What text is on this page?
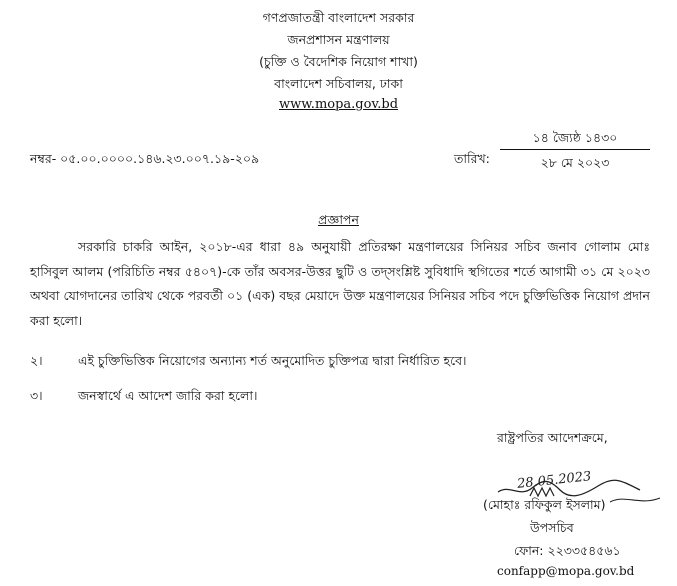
গণপ্রজাতন্ত্রী বাংলাদেশ সরকার
জনপ্রশাসন মন্ত্রণালয়
(চুক্তি ও বৈদেশিক নিয়োগ শাখা)
বাংলাদেশ সচিবালয়, ঢাকা
www.mopa.gov.bd
নম্বর- ০৫.০০.০০০০.১৪৬.২৩.০০৭.১৯-২০৯	তারিখ:
১৪ জ্যৈষ্ঠ ১৪৩০
২৮ মে ২০২৩
প্রজ্ঞাপন
সরকারি চাকরি আইন, ২০১৮-এর ধারা ৪৯ অনুযায়ী প্রতিরক্ষা মন্ত্রণালয়ের সিনিয়র সচিব জনাব গোলাম মোঃ হাসিবুল আলম (পরিচিতি নম্বর ৫৪০৭)-কে তাঁর অবসর-উত্তর ছুটি ও তদ্‌সংশ্লিষ্ট সুবিধাদি স্থগিতের শর্তে আগামী ৩১ মে ২০২৩ অথবা যোগদানের তারিখ থেকে পরবর্তী ০১ (এক) বছর মেয়াদে উক্ত মন্ত্রণালয়ের সিনিয়র সচিব পদে চুক্তিভিত্তিক নিয়োগ প্রদান করা হলো।
২।	এই চুক্তিভিত্তিক নিয়োগের অন্যান্য শর্ত অনুমোদিত চুক্তিপত্র দ্বারা নির্ধারিত হবে।
৩।	জনস্বার্থে এ আদেশ জারি করা হলো।
রাষ্ট্রপতির আদেশক্রমে,
28.05.2023
(মোহাঃ রফিকুল ইসলাম)
উপসচিব
ফোন: ২২৩৩৫৪৫৬১
confapp@mopa.gov.bd
